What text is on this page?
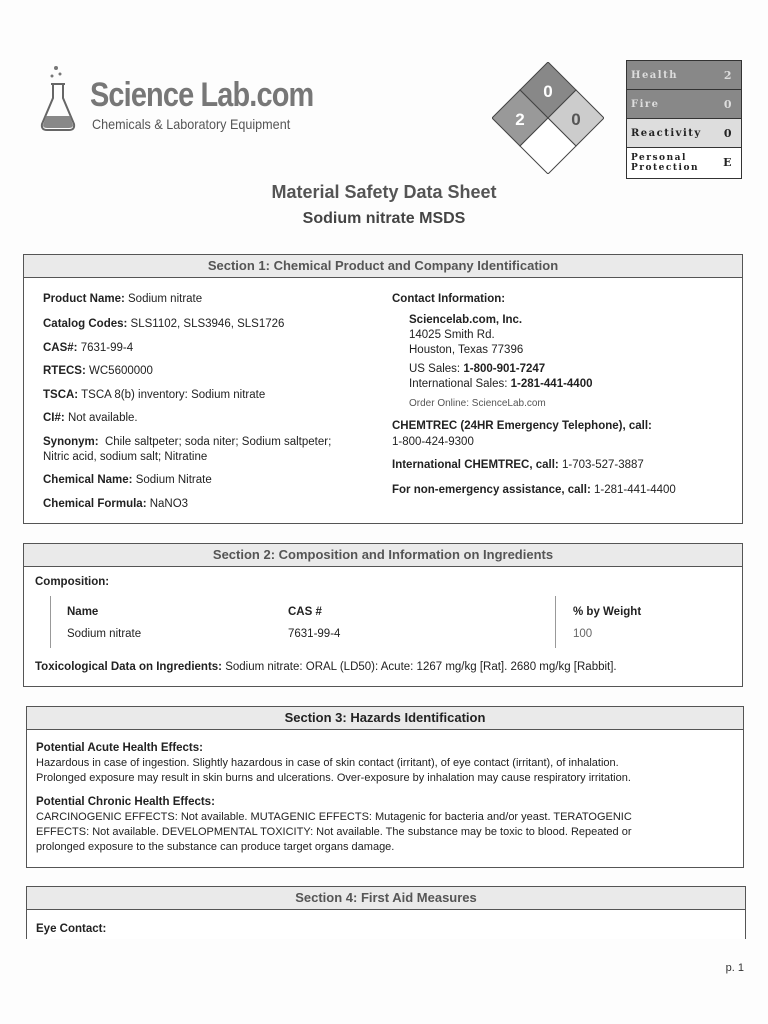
Science Lab.com
Chemicals & Laboratory Equipment
0
2	0
Health	2
Fire	0
Reactivity 0
Personal Protection	E
Material Safety Data Sheet
Sodium nitrate MSDS
Section 1: Chemical Product and Company Identification
Product Name: Sodium nitrate
Catalog Codes: SLS1102, SLS3946, SLS1726
CAS#: 7631-99-4
RTECS: WC5600000
TSCA: TSCA 8(b) inventory: Sodium nitrate
CI#: Not available.
Synonym: Chile saltpeter; soda niter; Sodium saltpeter;
Nitric acid, sodium salt; Nitratine
Chemical Name: Sodium Nitrate
Chemical Formula: NaNO3
Contact Information:
Sciencelab.com, Inc.
14025 Smith Rd.
Houston, Texas 77396
US Sales: 1-800-901-7247
International Sales: 1-281-441-4400
Order Online: ScienceLab.com
CHEMTREC (24HR Emergency Telephone), call:
1-800-424-9300
International CHEMTREC, call: 1-703-527-3887
For non-emergency assistance, call: 1-281-441-4400
Section 2: Composition and Information on Ingredients
Composition:
Name	CAS #	% by Weight
Sodium nitrate	7631-99-4	100
Toxicological Data on Ingredients: Sodium nitrate: ORAL (LD50): Acute: 1267 mg/kg [Rat]. 2680 mg/kg [Rabbit].
Section 3: Hazards Identification
Potential Acute Health Effects:
Hazardous in case of ingestion. Slightly hazardous in case of skin contact (irritant), of eye contact (irritant), of inhalation.
Prolonged exposure may result in skin burns and ulcerations. Over-exposure by inhalation may cause respiratory irritation.
Potential Chronic Health Effects:
CARCINOGENIC EFFECTS: Not available. MUTAGENIC EFFECTS: Mutagenic for bacteria and/or yeast. TERATOGENIC
EFFECTS: Not available. DEVELOPMENTAL TOXICITY: Not available. The substance may be toxic to blood. Repeated or
prolonged exposure to the substance can produce target organs damage.
Section 4: First Aid Measures
Eye Contact:
p. 1
